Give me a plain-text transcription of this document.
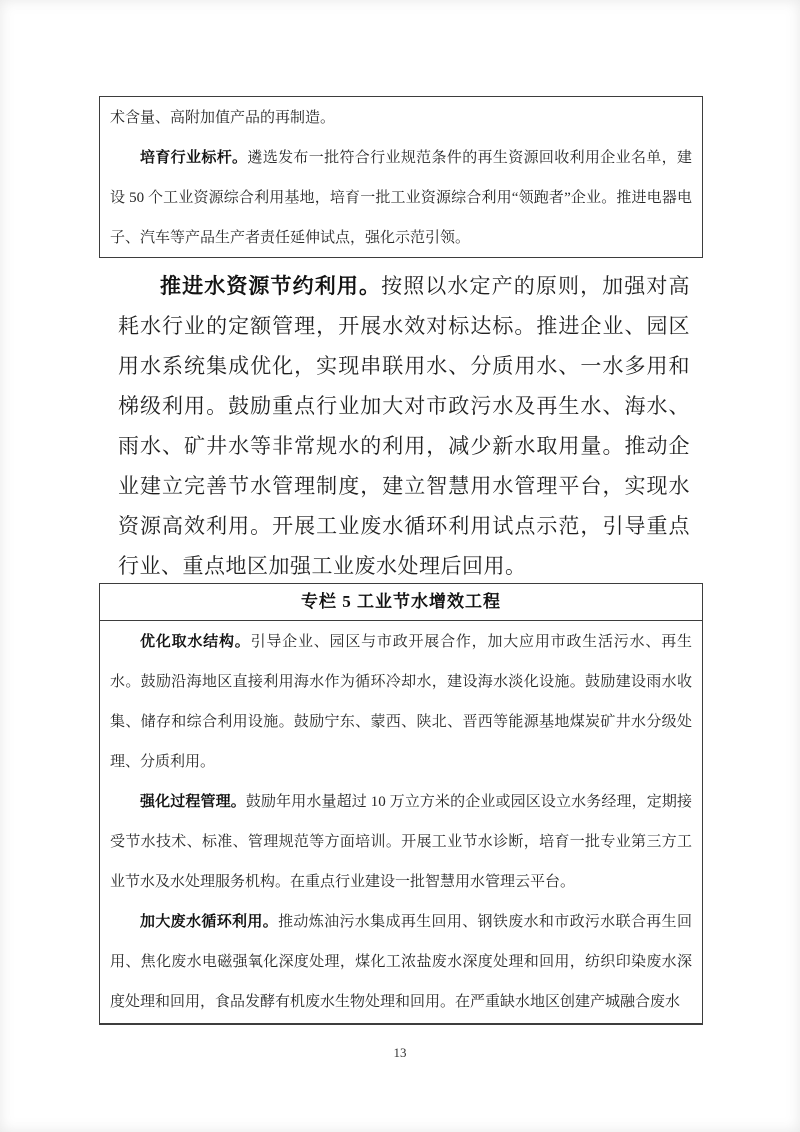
术含量、高附加值产品的再制造。

培育行业标杆。遴选发布一批符合行业规范条件的再生资源回收利用企业名单，建设 50 个工业资源综合利用基地，培育一批工业资源综合利用“领跑者”企业。推进电器电子、汽车等产品生产者责任延伸试点，强化示范引领。

推进水资源节约利用。按照以水定产的原则，加强对高耗水行业的定额管理，开展水效对标达标。推进企业、园区用水系统集成优化，实现串联用水、分质用水、一水多用和梯级利用。鼓励重点行业加大对市政污水及再生水、海水、雨水、矿井水等非常规水的利用，减少新水取用量。推动企业建立完善节水管理制度，建立智慧用水管理平台，实现水资源高效利用。开展工业废水循环利用试点示范，引导重点行业、重点地区加强工业废水处理后回用。
专栏 5 工业节水增效工程

优化取水结构。引导企业、园区与市政开展合作，加大应用市政生活污水、再生水。鼓励沿海地区直接利用海水作为循环冷却水，建设海水淡化设施。鼓励建设雨水收集、储存和综合利用设施。鼓励宁东、蒙西、陕北、晋西等能源基地煤炭矿井水分级处理、分质利用。

强化过程管理。鼓励年用水量超过 10 万立方米的企业或园区设立水务经理，定期接受节水技术、标准、管理规范等方面培训。开展工业节水诊断，培育一批专业第三方工业节水及水处理服务机构。在重点行业建设一批智慧用水管理云平台。

加大废水循环利用。推动炼油污水集成再生回用、钢铁废水和市政污水联合再生回用、焦化废水电磁强氧化深度处理，煤化工浓盐废水深度处理和回用，纺织印染废水深度处理和回用，食品发酵有机废水生物处理和回用。在严重缺水地区创建产城融合废水

13
